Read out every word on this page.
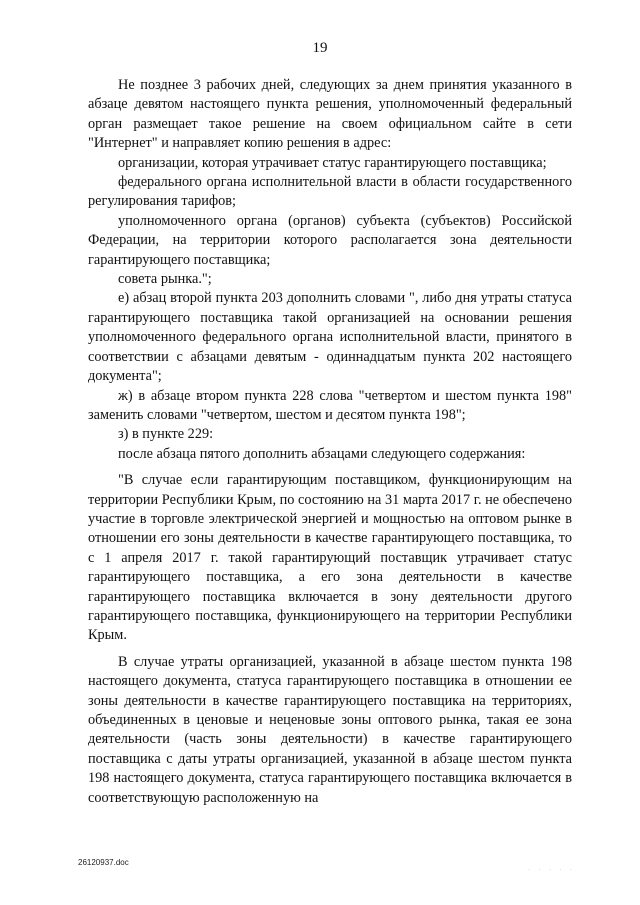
19

Не позднее 3 рабочих дней, следующих за днем принятия указанного в абзаце девятом настоящего пункта решения, уполномоченный федеральный орган размещает такое решение на своем официальном сайте в сети "Интернет" и направляет копию решения в адрес:

организации, которая утрачивает статус гарантирующего поставщика;

федерального органа исполнительной власти в области государственного регулирования тарифов;

уполномоченного органа (органов) субъекта (субъектов) Российской Федерации, на территории которого располагается зона деятельности гарантирующего поставщика;

совета рынка.";

е) абзац второй пункта 203 дополнить словами ", либо дня утраты статуса гарантирующего поставщика такой организацией на основании решения уполномоченного федерального органа исполнительной власти, принятого в соответствии с абзацами девятым - одиннадцатым пункта 202 настоящего документа";

ж) в абзаце втором пункта 228 слова "четвертом и шестом пункта 198" заменить словами "четвертом, шестом и десятом пункта 198";

з) в пункте 229:

после абзаца пятого дополнить абзацами следующего содержания:

"В случае если гарантирующим поставщиком, функционирующим на территории Республики Крым, по состоянию на 31 марта 2017 г. не обеспечено участие в торговле электрической энергией и мощностью на оптовом рынке в отношении его зоны деятельности в качестве гарантирующего поставщика, то с 1 апреля 2017 г. такой гарантирующий поставщик утрачивает статус гарантирующего поставщика, а его зона деятельности в качестве гарантирующего поставщика включается в зону деятельности другого гарантирующего поставщика, функционирующего на территории Республики Крым.

В случае утраты организацией, указанной в абзаце шестом пункта 198 настоящего документа, статуса гарантирующего поставщика в отношении ее зоны деятельности в качестве гарантирующего поставщика на территориях, объединенных в ценовые и неценовые зоны оптового рынка, такая ее зона деятельности (часть зоны деятельности) в качестве гарантирующего поставщика с даты утраты организацией, указанной в абзаце шестом пункта 198 настоящего документа, статуса гарантирующего поставщика включается в соответствующую расположенную на

26120937.doc
· · · · ·
